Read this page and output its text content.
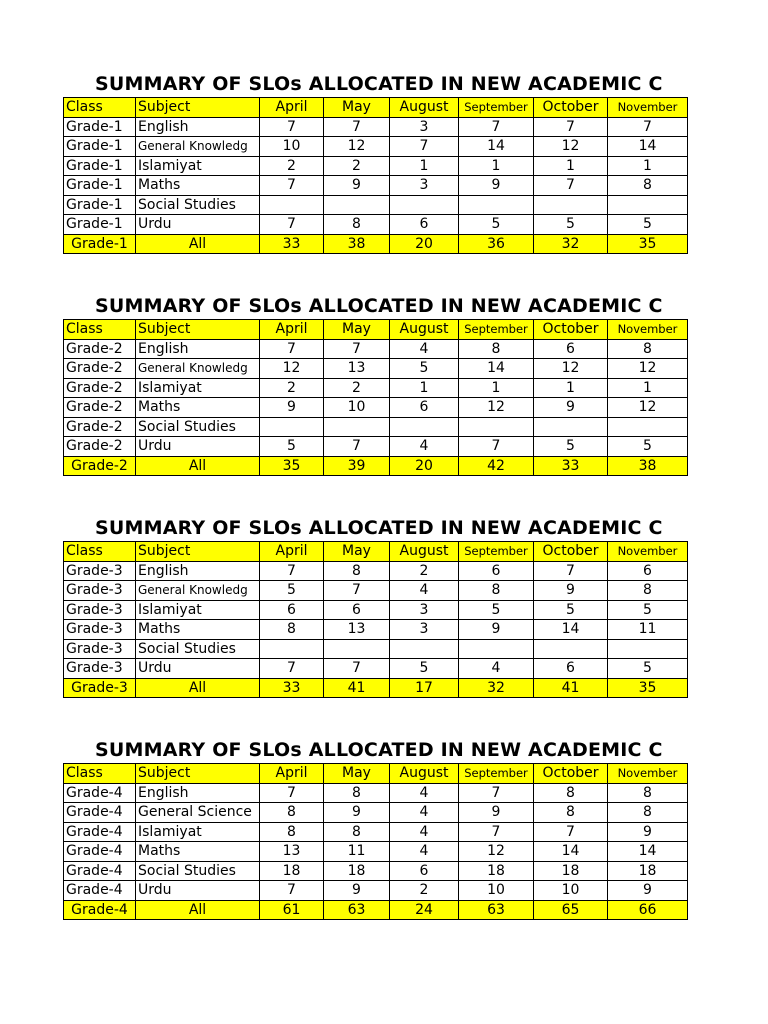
SUMMARY OF SLOs ALLOCATED IN NEW ACADEMIC C
Class	Subject	April	May	August	September	October	November
Grade-1	English	7	7	3	7	7	7
Grade-1	General Knowledg	10	12	7	14	12	14
Grade-1	Islamiyat	2	2	1	1	1	1
Grade-1	Maths	7	9	3	9	7	8
Grade-1	Social Studies						
Grade-1	Urdu	7	8	6	5	5	5
Grade-1	All	33	38	20	36	32	35
SUMMARY OF SLOs ALLOCATED IN NEW ACADEMIC C
Class	Subject	April	May	August	September	October	November
Grade-2	English	7	7	4	8	6	8
Grade-2	General Knowledg	12	13	5	14	12	12
Grade-2	Islamiyat	2	2	1	1	1	1
Grade-2	Maths	9	10	6	12	9	12
Grade-2	Social Studies						
Grade-2	Urdu	5	7	4	7	5	5
Grade-2	All	35	39	20	42	33	38
SUMMARY OF SLOs ALLOCATED IN NEW ACADEMIC C
Class	Subject	April	May	August	September	October	November
Grade-3	English	7	8	2	6	7	6
Grade-3	General Knowledg	5	7	4	8	9	8
Grade-3	Islamiyat	6	6	3	5	5	5
Grade-3	Maths	8	13	3	9	14	11
Grade-3	Social Studies						
Grade-3	Urdu	7	7	5	4	6	5
Grade-3	All	33	41	17	32	41	35
SUMMARY OF SLOs ALLOCATED IN NEW ACADEMIC C
Class	Subject	April	May	August	September	October	November
Grade-4	English	7	8	4	7	8	8
Grade-4	General Science	8	9	4	9	8	8
Grade-4	Islamiyat	8	8	4	7	7	9
Grade-4	Maths	13	11	4	12	14	14
Grade-4	Social Studies	18	18	6	18	18	18
Grade-4	Urdu	7	9	2	10	10	9
Grade-4	All	61	63	24	63	65	66
